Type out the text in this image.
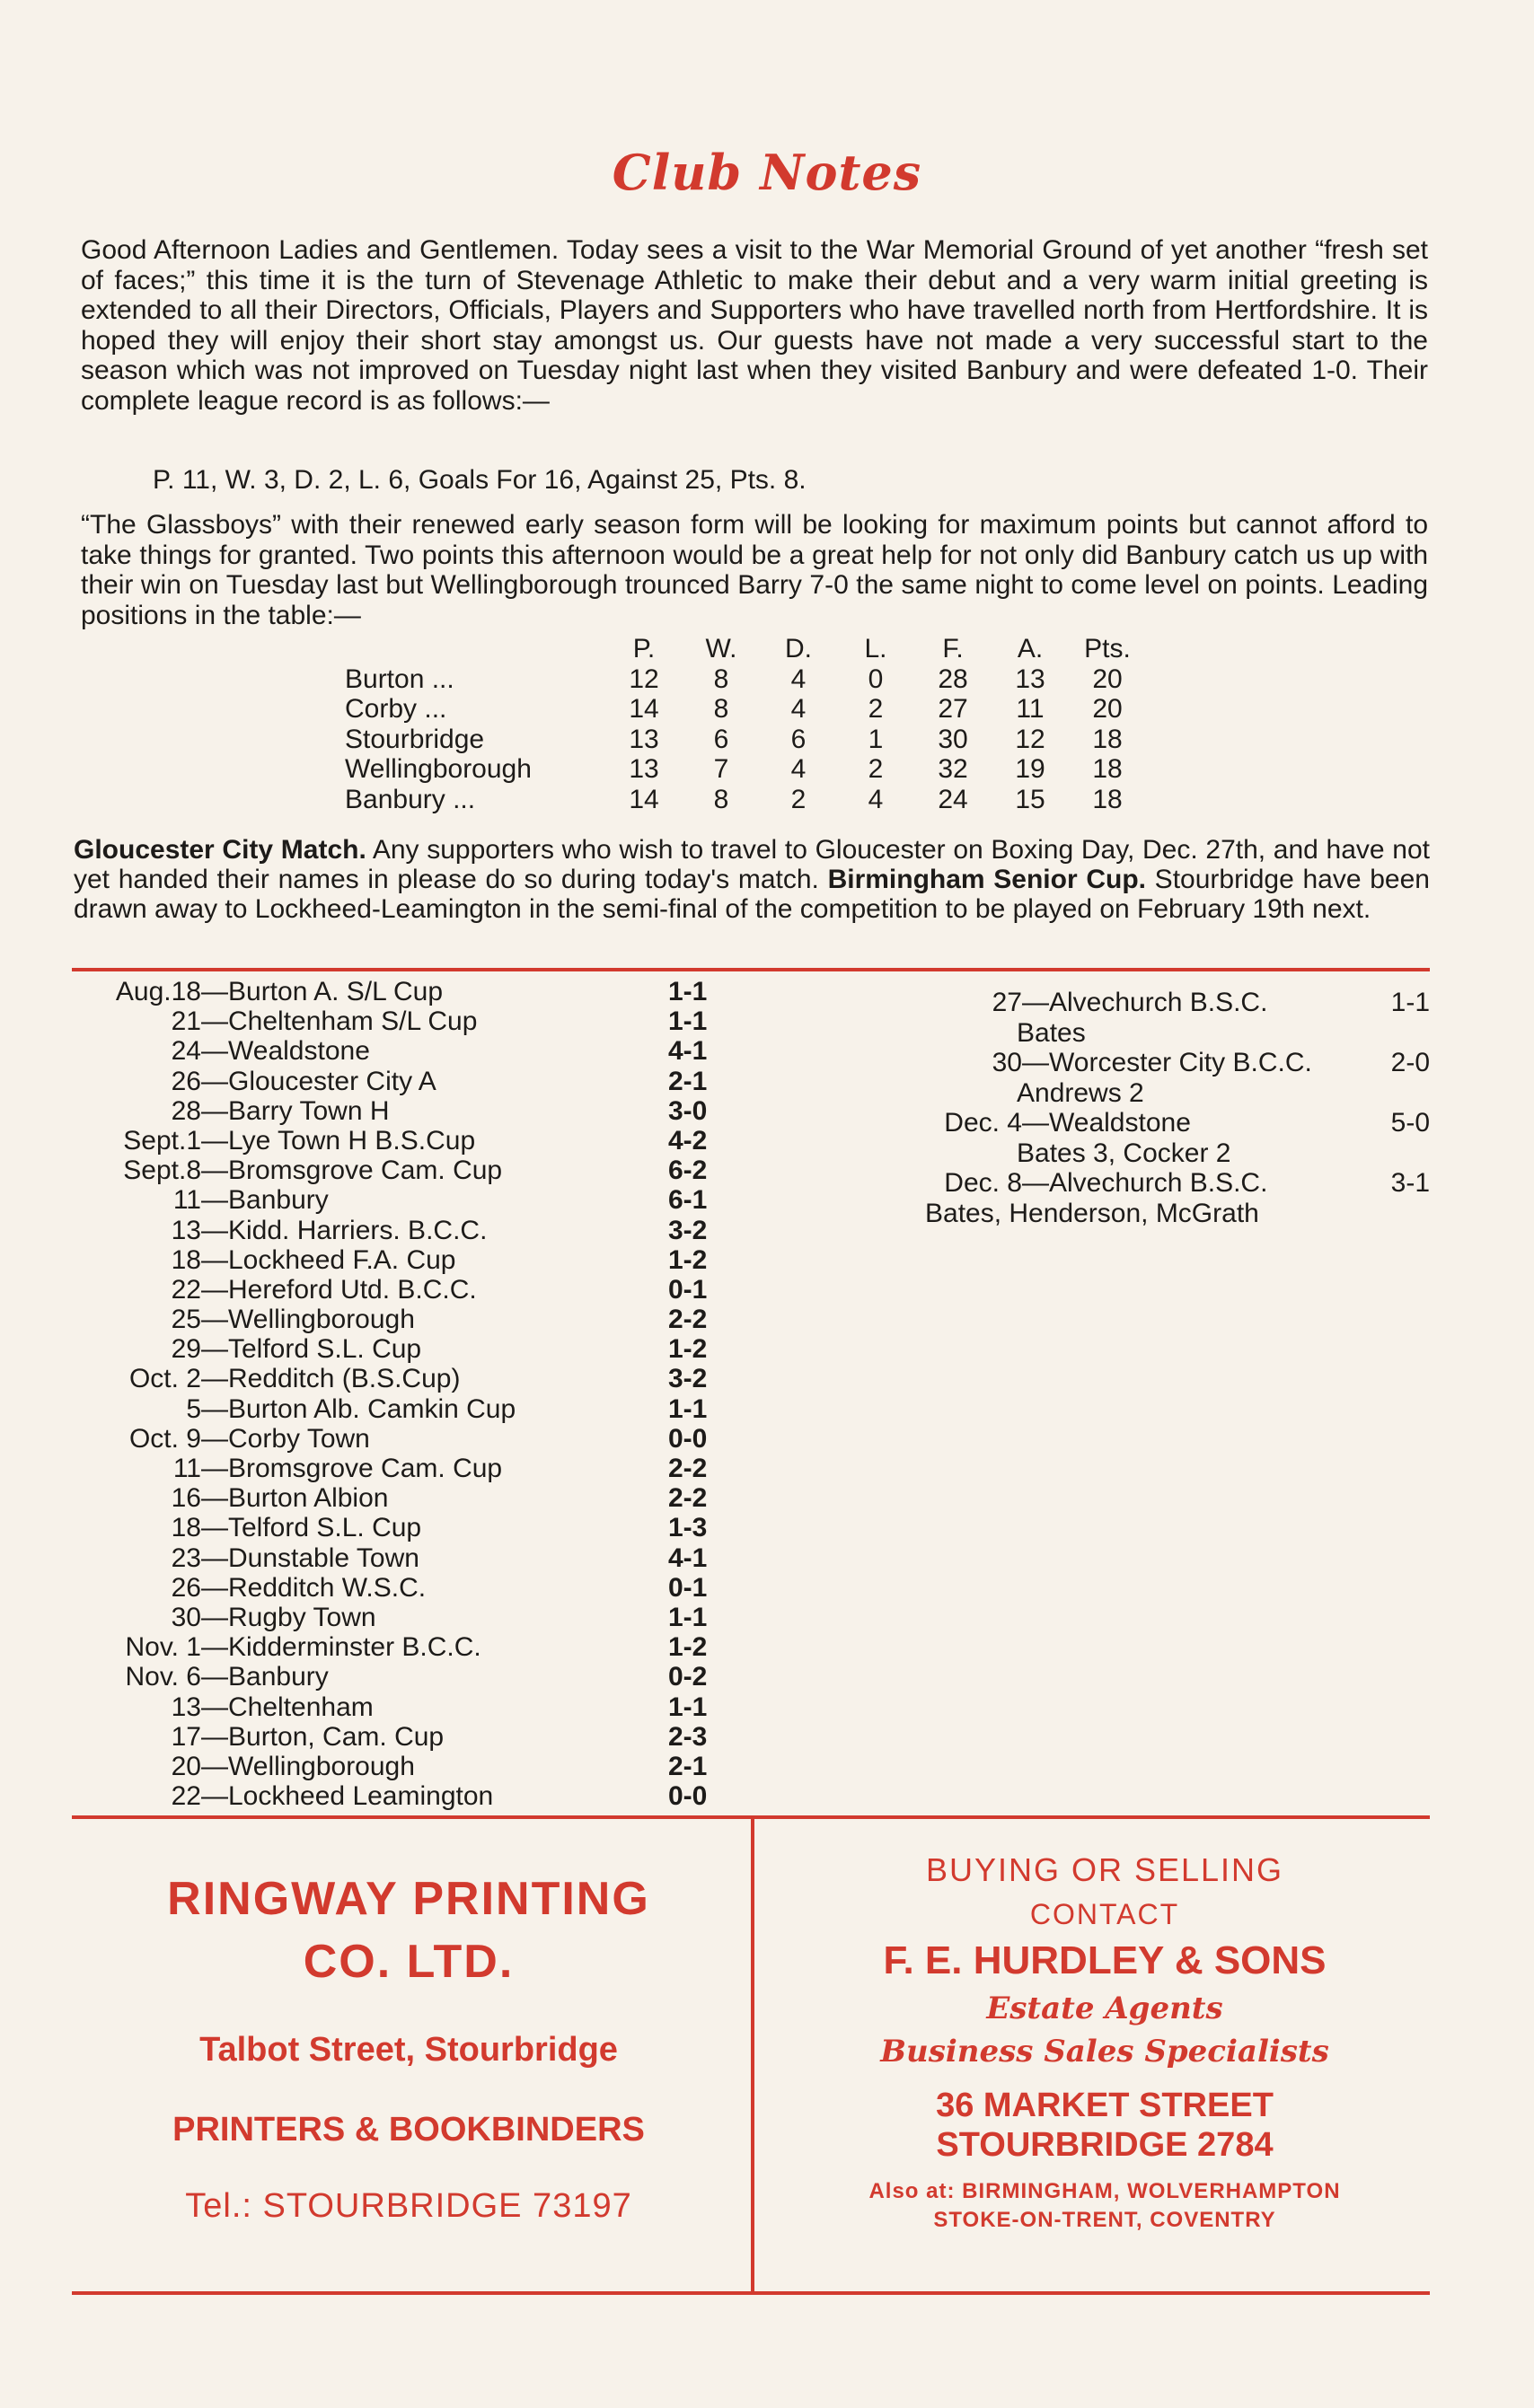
Club Notes

Good Afternoon Ladies and Gentlemen. Today sees a visit to the War Memorial Ground of yet another “fresh set of faces;” this time it is the turn of Stevenage Athletic to make their debut and a very warm initial greeting is extended to all their Directors, Officials, Players and Supporters who have travelled north from Hertfordshire. It is hoped they will enjoy their short stay amongst us. Our guests have not made a very successful start to the season which was not improved on Tuesday night last when they visited Banbury and were defeated 1-0. Their complete league record is as follows:—

P. 11, W. 3, D. 2, L. 6, Goals For 16, Against 25, Pts. 8.
“The Glassboys” with their renewed early season form will be looking for maximum points but cannot afford to take things for granted. Two points this afternoon would be a great help for not only did Banbury catch us up with their win on Tuesday last but Wellingborough trounced Barry 7-0 the same night to come level on points. Leading positions in the table:—
	P.	W.	D.	L.	F.	A.	Pts.
Burton ...	12	8	4	0	28	13	20
Corby ...	14	8	4	2	27	11	20
Stourbridge	13	6	6	1	30	12	18
Wellingborough	13	7	4	2	32	19	18
Banbury ...	14	8	2	4	24	15	18
Gloucester City Match. Any supporters who wish to travel to Gloucester on Boxing Day, Dec. 27th, and have not yet handed their names in please do so during today's match. Birmingham Senior Cup. Stourbridge have been drawn away to Lockheed-Leamington in the semi-final of the competition to be played on February 19th next.
Aug.18— Burton A. S/L Cup	1-1
21— Cheltenham S/L Cup	1-1
24— Wealdstone	4-1
26— Gloucester City A	2-1
28— Barry Town H	3-0
Sept.1— Lye Town H B.S.Cup	4-2
Sept.8— Bromsgrove Cam. Cup	6-2
11— Banbury	6-1
13— Kidd. Harriers. B.C.C.	3-2
18— Lockheed F.A. Cup	1-2
22— Hereford Utd. B.C.C.	0-1
25— Wellingborough	2-2
29— Telford S.L. Cup	1-2
Oct. 2— Redditch (B.S.Cup)	3-2
5— Burton Alb. Camkin Cup	1-1
Oct. 9— Corby Town	0-0
11— Bromsgrove Cam. Cup	2-2
16— Burton Albion	2-2
18— Telford S.L. Cup	1-3
23— Dunstable Town	4-1
26— Redditch W.S.C.	0-1
30— Rugby Town	1-1
Nov. 1— Kidderminster B.C.C.	1-2
Nov. 6— Banbury	0-2
13— Cheltenham	1-1
17— Burton, Cam. Cup	2-3
20— Wellingborough	2-1
22— Lockheed Leamington	0-0
27— Alvechurch B.S.C.	1-1
Bates
30— Worcester City B.C.C.	2-0
Andrews 2
Dec. 4— Wealdstone	5-0
Bates 3, Cocker 2
Dec. 8— Alvechurch B.S.C.	3-1
Bates, Henderson, McGrath
RINGWAY PRINTING
CO. LTD.
Talbot Street, Stourbridge
PRINTERS & BOOKBINDERS
Tel.: STOURBRIDGE 73197
BUYING OR SELLING
CONTACT
F. E. HURDLEY & SONS
Estate Agents
Business Sales Specialists
36 MARKET STREET
STOURBRIDGE 2784
Also at: BIRMINGHAM, WOLVERHAMPTON
STOKE-ON-TRENT, COVENTRY
